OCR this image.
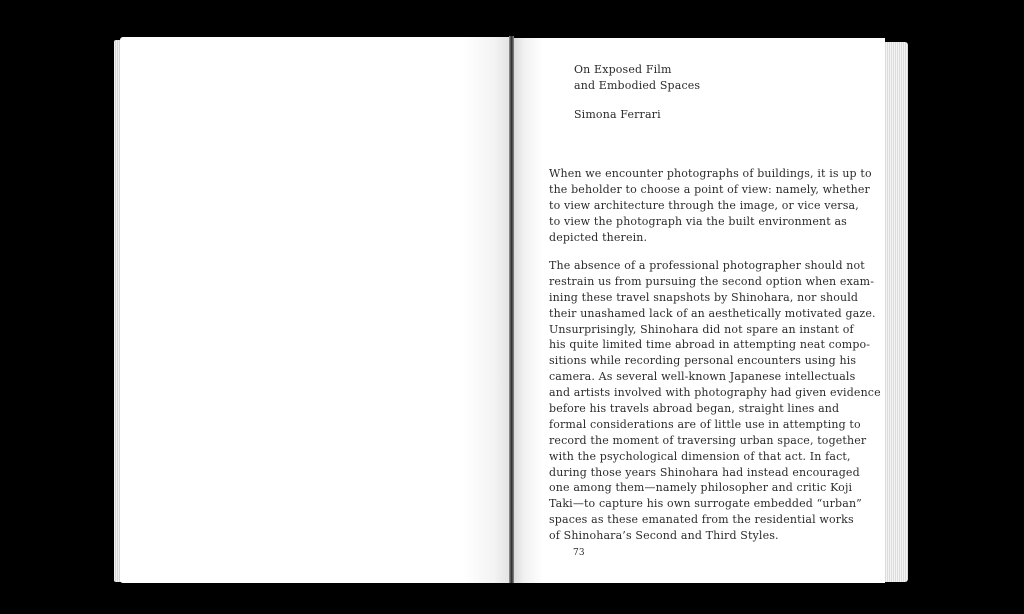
On Exposed Film
and Embodied Spaces

Simona Ferrari

When we encounter photographs of buildings, it is up to
the beholder to choose a point of view: namely, whether
to view architecture through the image, or vice versa,
to view the photograph via the built environment as
depicted therein.

The absence of a professional photographer should not
restrain us from pursuing the second option when exam-
ining these travel snapshots by Shinohara, nor should
their unashamed lack of an aesthetically motivated gaze.
Unsurprisingly, Shinohara did not spare an instant of
his quite limited time abroad in attempting neat compo-
sitions while recording personal encounters using his
camera. As several well-known Japanese intellectuals
and artists involved with photography had given evidence
before his travels abroad began, straight lines and
formal considerations are of little use in attempting to
record the moment of traversing urban space, together
with the psychological dimension of that act. In fact,
during those years Shinohara had instead encouraged
one among them—namely philosopher and critic Koji
Taki—to capture his own surrogate embedded “urban”
spaces as these emanated from the residential works
of Shinohara’s Second and Third Styles.

73
